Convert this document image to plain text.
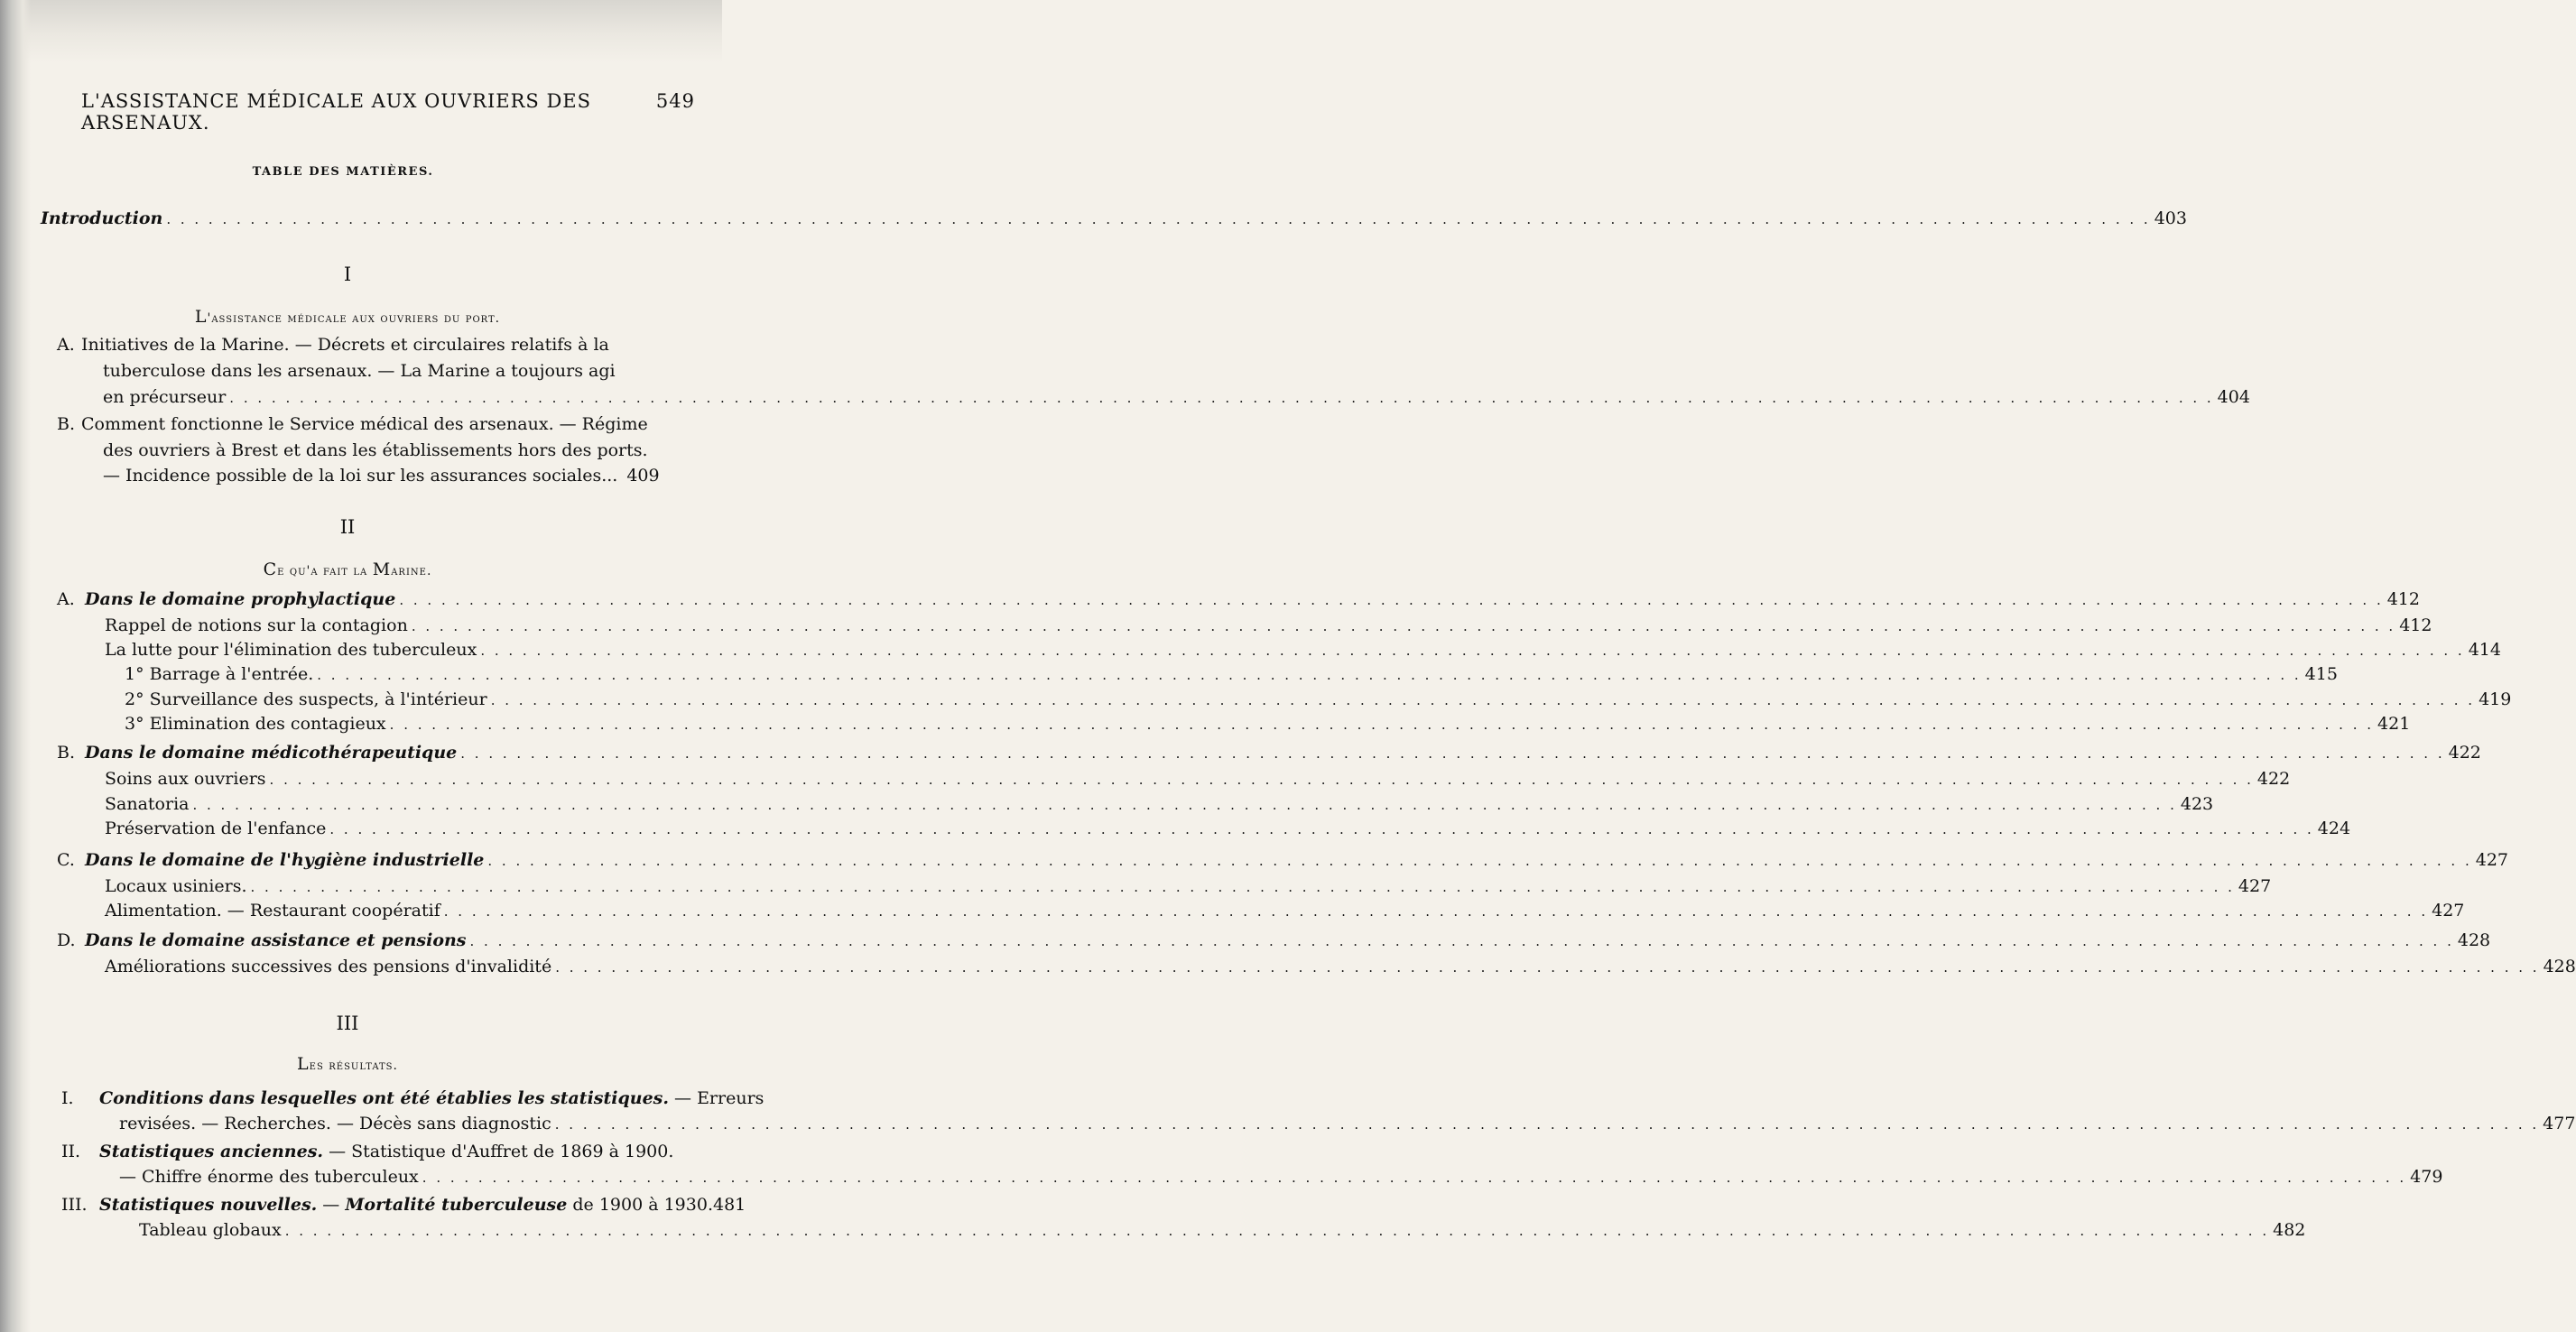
L'ASSISTANCE MÉDICALE AUX OUVRIERS DES ARSENAUX.
549
TABLE DES MATIÈRES.
Introduction . . .	403
I
L'assistance médicale aux ouvriers du port.
A. Initiatives de la Marine. — Décrets et circulaires relatifs à la
tuberculose dans les arsenaux. — La Marine a toujours agi
en précurseur . . .	404
B. Comment fonctionne le Service médical des arsenaux. — Régime
des ouvriers à Brest et dans les établissements hors des ports.
— Incidence possible de la loi sur les assurances sociales... 409
II
Ce qu'a fait la Marine.
A. Dans le domaine prophylactique . . .	412
Rappel de notions sur la contagion . . .	412
La lutte pour l'élimination des tuberculeux . . .	414
1° Barrage à l'entrée. . . .	415
2° Surveillance des suspects, à l'intérieur . . .	419
3° Elimination des contagieux . . .	421
B. Dans le domaine médicothérapeutique . . .	422
Soins aux ouvriers . . .	422
Sanatoria . . .	423
Préservation de l'enfance . . .	424
C. Dans le domaine de l'hygiène industrielle . . .	427
Locaux usiniers. . . .	427
Alimentation. — Restaurant coopératif . . .	427
D. Dans le domaine assistance et pensions . . .	428
Améliorations successives des pensions d'invalidité . . .	428
III
Les résultats.
I. Conditions dans lesquelles ont été établies les statistiques. — Erreurs
revisées. — Recherches. — Décès sans diagnostic . . .	477
II. Statistiques anciennes. — Statistique d'Auffret de 1869 à 1900.
— Chiffre énorme des tuberculeux . . .	479
III. Statistiques nouvelles. — Mortalité tuberculeuse de 1900 à 1930. 481
Tableau globaux . . .	482
